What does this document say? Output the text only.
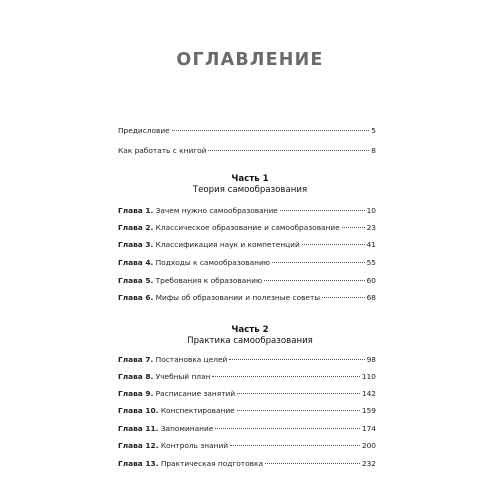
ОГЛАВЛЕНИЕ
Предисловие	5
Как работать с книгой	8
Часть 1
Теория самообразования
Глава 1. Зачем нужно самообразование	10
Глава 2. Классическое образование и самообразование	23
Глава 3. Классификация наук и компетенций	41
Глава 4. Подходы к самообразованию	55
Глава 5. Требования к образованию	60
Глава 6. Мифы об образовании и полезные советы	68
Часть 2
Практика самообразования
Глава 7. Постановка целей	98
Глава 8. Учебный план	110
Глава 9. Расписание занятий	142
Глава 10. Конспектирование	159
Глава 11. Запоминание	174
Глава 12. Контроль знаний	200
Глава 13. Практическая подготовка	232
